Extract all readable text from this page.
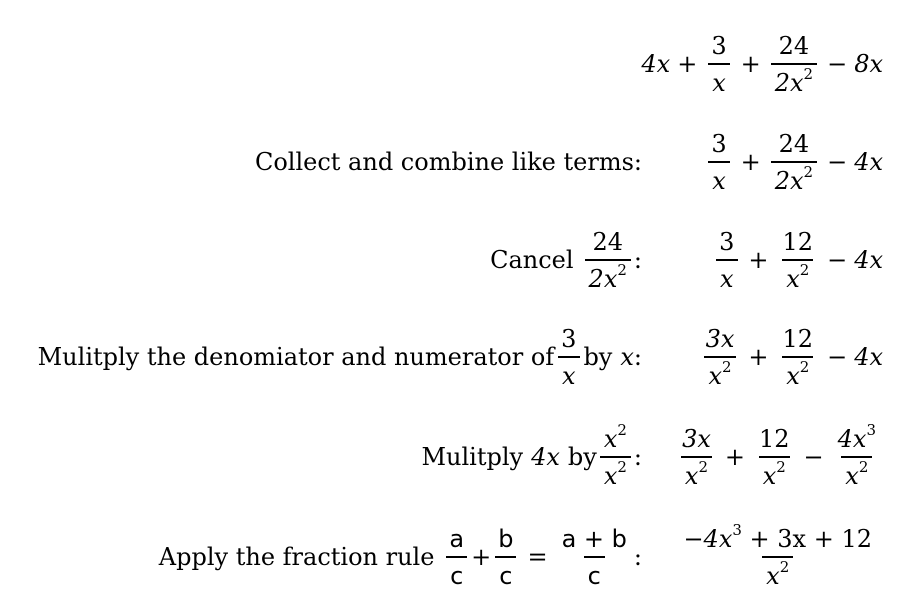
$4x + \frac{3}{x} + \frac{24}{2x^2} - 8x$
Collect and combine like terms:	$\frac{3}{x} + \frac{24}{2x^2} - 4x$
Cancel $\frac{24}{2x^2}$ :	$\frac{3}{x} + \frac{12}{x^2} - 4x$
Mulitply the denomiator and numerator of $\frac{3}{x}$ by x : $\frac{3x}{x^2} + \frac{12}{x^2} - 4x$
Mulitply 4x by $\frac{x^2}{x^2}$ : $\frac{3x}{x^2} + \frac{12}{x^2} - \frac{4x^3}{x^2}$
Apply the fraction rule $\frac{a}{c} + \frac{b}{c} = \frac{a + b}{c}$ : $\frac{-4x^3 + 3x + 12}{x^2}$
